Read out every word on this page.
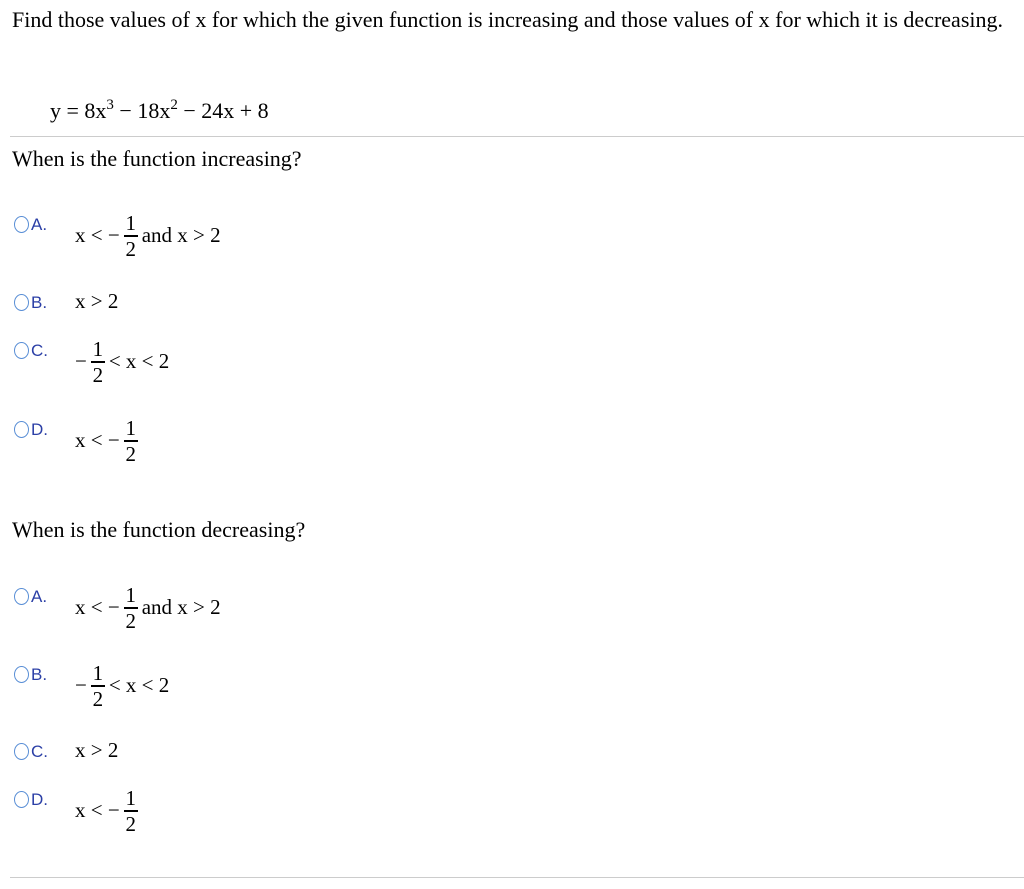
Find those values of x for which the given function is increasing and those values of x for which it is decreasing.
$y = 8x^3 - 18x^2 - 24x + 8$
When is the function increasing?
When is the function decreasing?
A. x < − $\frac{1}{2}$ and x > 2
B. x > 2
C. − $\frac{1}{2} < x < 2$
D. x < − $\frac{1}{2}$
A. x < − $\frac{1}{2}$ and x > 2
B. − $\frac{1}{2} < x < 2$
C. x > 2
D. x < − $\frac{1}{2}$
